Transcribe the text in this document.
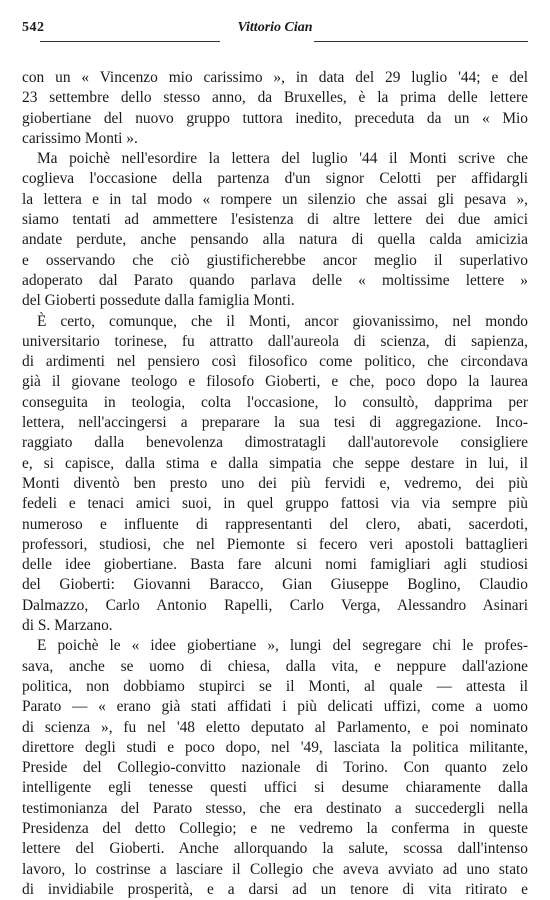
542	Vittorio Cian
con un « Vincenzo mio carissimo », in data del 29 luglio '44; e del
23 settembre dello stesso anno, da Bruxelles, è la prima delle lettere
giobertiane del nuovo gruppo tuttora inedito, preceduta da un « Mio
carissimo Monti ».
Ma poichè nell'esordire la lettera del luglio '44 il Monti scrive che
coglieva l'occasione della partenza d'un signor Celotti per affidargli
la lettera e in tal modo « rompere un silenzio che assai gli pesava »,
siamo tentati ad ammettere l'esistenza di altre lettere dei due amici
andate perdute, anche pensando alla natura di quella calda amicizia
e osservando che ciò giustificherebbe ancor meglio il superlativo
adoperato dal Parato quando parlava delle « moltissime lettere »
del Gioberti possedute dalla famiglia Monti.
È certo, comunque, che il Monti, ancor giovanissimo, nel mondo
universitario torinese, fu attratto dall'aureola di scienza, di sapienza,
di ardimenti nel pensiero così filosofico come politico, che circondava
già il giovane teologo e filosofo Gioberti, e che, poco dopo la laurea
conseguita in teologia, colta l'occasione, lo consultò, dapprima per
lettera, nell'accingersi a preparare la sua tesi di aggregazione. Inco-
raggiato dalla benevolenza dimostratagli dall'autorevole consigliere
e, si capisce, dalla stima e dalla simpatia che seppe destare in lui, il
Monti diventò ben presto uno dei più fervidi e, vedremo, dei più
fedeli e tenaci amici suoi, in quel gruppo fattosi via via sempre più
numeroso e influente di rappresentanti del clero, abati, sacerdoti,
professori, studiosi, che nel Piemonte si fecero veri apostoli battaglieri
delle idee giobertiane. Basta fare alcuni nomi famigliari agli studiosi
del Gioberti: Giovanni Baracco, Gian Giuseppe Boglino, Claudio
Dalmazzo, Carlo Antonio Rapelli, Carlo Verga, Alessandro Asinari
di S. Marzano.
E poichè le « idee giobertiane », lungi del segregare chi le profes-
sava, anche se uomo di chiesa, dalla vita, e neppure dall'azione
politica, non dobbiamo stupirci se il Monti, al quale — attesta il
Parato — « erano già stati affidati i più delicati uffizi, come a uomo
di scienza », fu nel '48 eletto deputato al Parlamento, e poi nominato
direttore degli studi e poco dopo, nel '49, lasciata la politica militante,
Preside del Collegio-convitto nazionale di Torino. Con quanto zelo
intelligente egli tenesse questi uffici si desume chiaramente dalla
testimonianza del Parato stesso, che era destinato a succedergli nella
Presidenza del detto Collegio; e ne vedremo la conferma in queste
lettere del Gioberti. Anche allorquando la salute, scossa dall'intenso
lavoro, lo costrinse a lasciare il Collegio che aveva avviato ad uno stato
di invidiabile prosperità, e a darsi ad un tenore di vita ritirato e
